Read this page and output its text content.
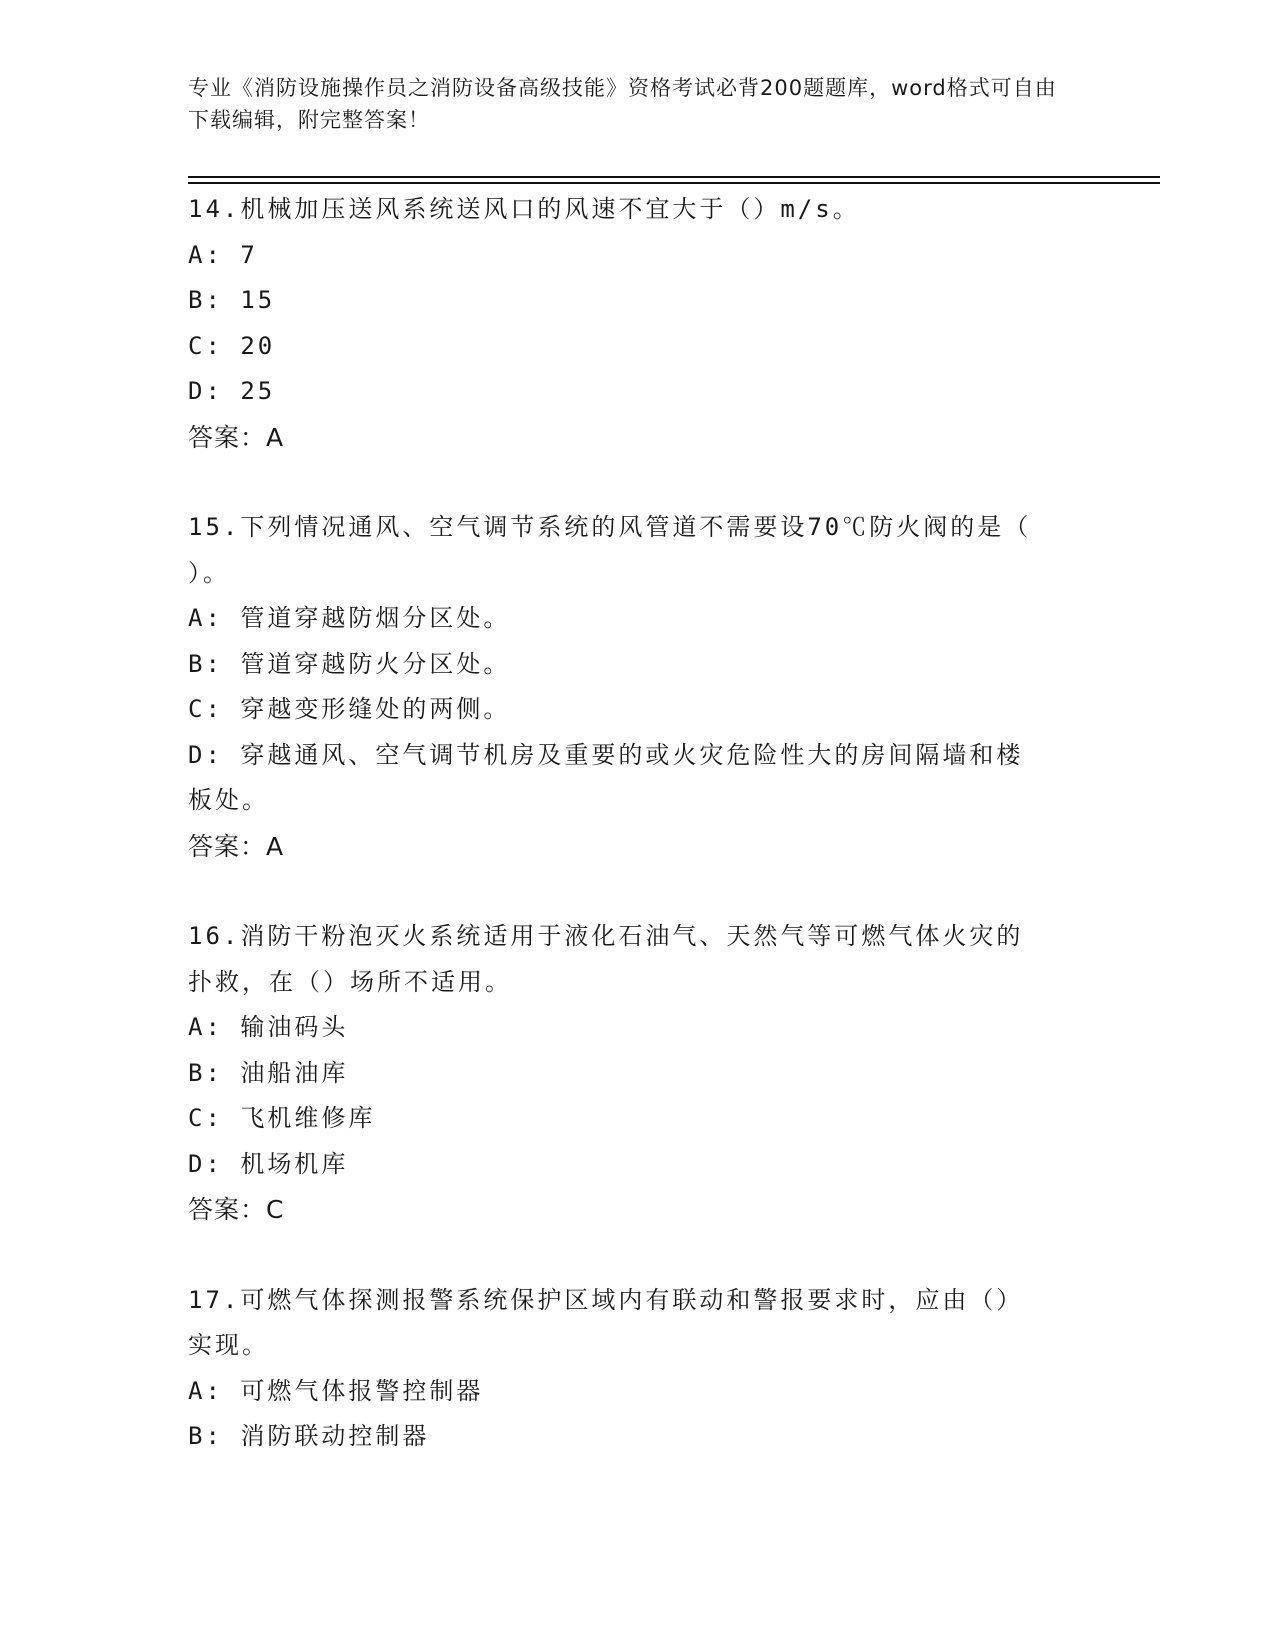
专业《消防设施操作员之消防设备高级技能》资格考试必背200题题库，word格式可自由下载编辑，附完整答案！
14.机械加压送风系统送风口的风速不宜大于（）m/s。
A: 7
B: 15
C: 20
D: 25
答案：A
15.下列情况通风、空气调节系统的风管道不需要设70℃防火阀的是（
）。
A: 管道穿越防烟分区处。
B: 管道穿越防火分区处。
C: 穿越变形缝处的两侧。
D: 穿越通风、空气调节机房及重要的或火灾危险性大的房间隔墙和楼
板处。
答案：A
16.消防干粉泡灭火系统适用于液化石油气、天然气等可燃气体火灾的
扑救，在（）场所不适用。
A: 输油码头
B: 油船油库
C: 飞机维修库
D: 机场机库
答案：C
17.可燃气体探测报警系统保护区域内有联动和警报要求时，应由（）
实现。
A: 可燃气体报警控制器
B: 消防联动控制器
